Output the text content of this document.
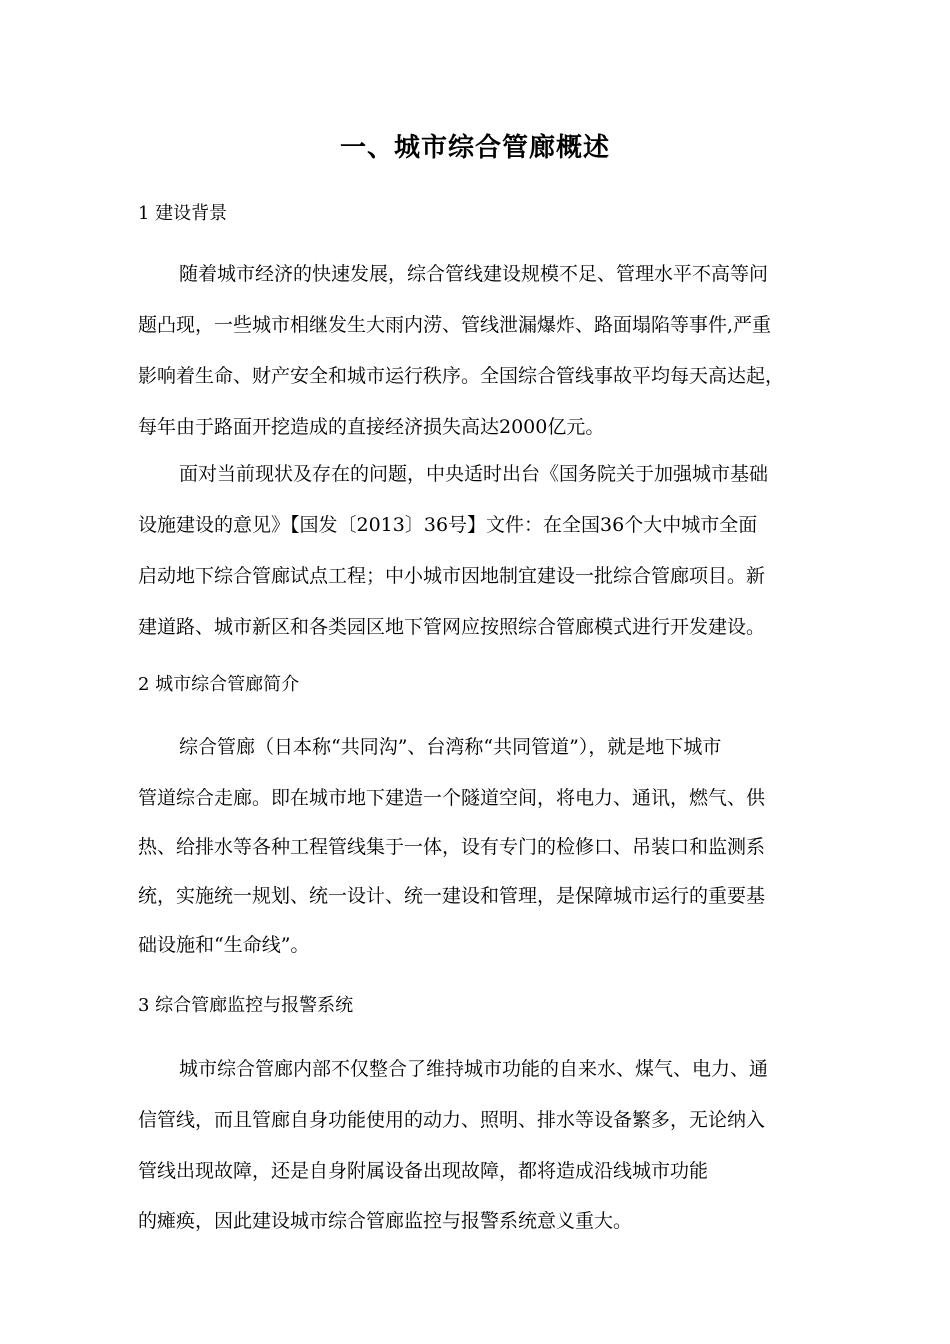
一、城市综合管廊概述
1 建设背景
随着城市经济的快速发展，综合管线建设规模不足、管理水平不高等问
题凸现，一些城市相继发生大雨内涝、管线泄漏爆炸、路面塌陷等事件,严重
影响着生命、财产安全和城市运行秩序。全国综合管线事故平均每天高达起，
每年由于路面开挖造成的直接经济损失高达2000亿元。
面对当前现状及存在的问题，中央适时出台《国务院关于加强城市基础
设施建设的意见》【国发〔2013〕36号】文件：在全国36个大中城市全面
启动地下综合管廊试点工程；中小城市因地制宜建设一批综合管廊项目。新
建道路、城市新区和各类园区地下管网应按照综合管廊模式进行开发建设。
2 城市综合管廊简介
综合管廊（日本称“共同沟”、台湾称“共同管道”），就是地下城市
管道综合走廊。即在城市地下建造一个隧道空间，将电力、通讯，燃气、供
热、给排水等各种工程管线集于一体，设有专门的检修口、吊装口和监测系
统，实施统一规划、统一设计、统一建设和管理，是保障城市运行的重要基
础设施和“生命线”。
3 综合管廊监控与报警系统
城市综合管廊内部不仅整合了维持城市功能的自来水、煤气、电力、通
信管线，而且管廊自身功能使用的动力、照明、排水等设备繁多，无论纳入
管线出现故障，还是自身附属设备出现故障，都将造成沿线城市功能
的瘫痪，因此建设城市综合管廊监控与报警系统意义重大。
